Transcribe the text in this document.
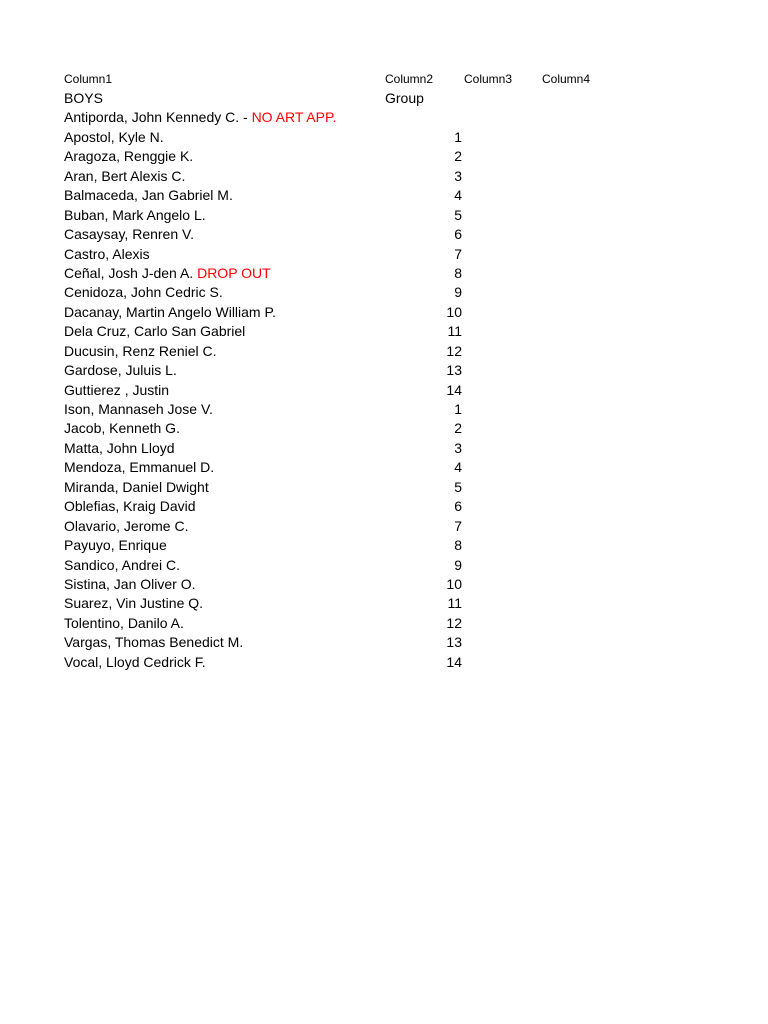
Column1	Column2	Column3 Column4
BOYS	Group
Antiporda, John Kennedy C. - NO ART APP.
Apostol, Kyle N.	1
Aragoza, Renggie K.	2
Aran, Bert Alexis C.	3
Balmaceda, Jan Gabriel M.	4
Buban, Mark Angelo L.	5
Casaysay, Renren V.	6
Castro, Alexis	7
Ceñal, Josh J-den A. DROP OUT	8
Cenidoza, John Cedric S.	9
Dacanay, Martin Angelo William P.	10
Dela Cruz, Carlo San Gabriel	11
Ducusin, Renz Reniel C.	12
Gardose, Juluis L.	13
Guttierez , Justin	14
Ison, Mannaseh Jose V.	1
Jacob, Kenneth G.	2
Matta, John Lloyd	3
Mendoza, Emmanuel D.	4
Miranda, Daniel Dwight	5
Oblefias, Kraig David	6
Olavario, Jerome C.	7
Payuyo, Enrique	8
Sandico, Andrei C.	9
Sistina, Jan Oliver O.	10
Suarez, Vin Justine Q.	11
Tolentino, Danilo A.	12
Vargas, Thomas Benedict M.	13
Vocal, Lloyd Cedrick F.	14
